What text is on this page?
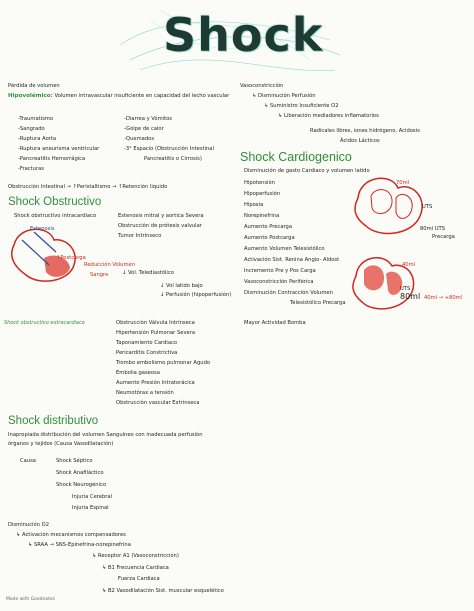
Shock
Pérdida de volumen
Hipovolémico: Volumen intravascular insuficiente en capacidad del lecho vascular
-Traumatismo
-Sangrado
-Ruptura Aorta
-Ruptura aneurisma ventricular
-Pancreatitis Hemorrágica
-Fracturas
-Diarrea y Vómitos
-Golpe de calor
-Quemados
-3° Espacio (Obstrucción Intestinal
Pancreatitis o Cirrosis)
Obstrucción Intestinal → ↑Peristaltismo → ↑Retención liquido
Shock Obstructivo
Shock obstructivo intracardiaco	Estenosis mitral y aortica Severa
Obstrucción de prótesis valvular
Tumor Intrínseco
Estenosis
↑Postcarga
Reducción Volumen
Sangre	↓ Vol. Telediastólico
↓ Vol latido bajo
↓ Perfusión (hipoperfusión)
Shock obstructivo extracardiaco	Obstrucción Válvula Intrínseca
Hipertensión Pulmonar Severa
Taponamiento Cardiaco
Pericarditis Constrictiva
Trombo embolismo pulmonar Agudo
Embolia gaseosa
Aumento Presión Intratorácica
Neumotórax a tensión
Obstrucción vascular Extrínseca
Shock distributivo
Inapropiada distribución del volumen Sanguíneo con inadecuada perfusión
órganos y tejidos (Causa Vasodilatación)
Causa	Shock Séptico
Shock Anafiláctico
Shock Neurogénico
Injuria Cerebral
Injuria Espinal
Disminución O2
↳ Activación mecanismos compensadores
↳ SRAA → SNS-Epinefrina-norepinefrina
↳ Receptor A1 (Vasoconstricción)
↳ B1 Frecuencia Cardiaca
Fuerza Cardiaca
↳ B2 Vasodilatación Sist. muscular esquelético
Made with Goodnotes
Vasoconstricción
↳ Disminución Perfusión
↳ Suministro Insuficiente O2
↳ Liberación mediadores inflamatorios
Radicales libres, iones hidrógeno, Acidosis
Ácidos Lácticos
Shock Cardiogenico
Disminución de gasto Cardiaco y volumen latido
Hipotensión
Hipoperfusión
Hipoxia
Norepinefrina
Aumento Precarga
Aumento Postcarga
Aumento Volumen Telesistólico
Activación Sist. Renina Angio- Aldost
Incremento Pre y Pos Carga
Vasoconstricción Periférica
Disminución Contracción Volumen
Telesistólico Precarga
Mayor Actividad Bomba
70ml
UTS
80ml UTS
Precarga
40ml
UTS
80ml 40ml → +80ml
